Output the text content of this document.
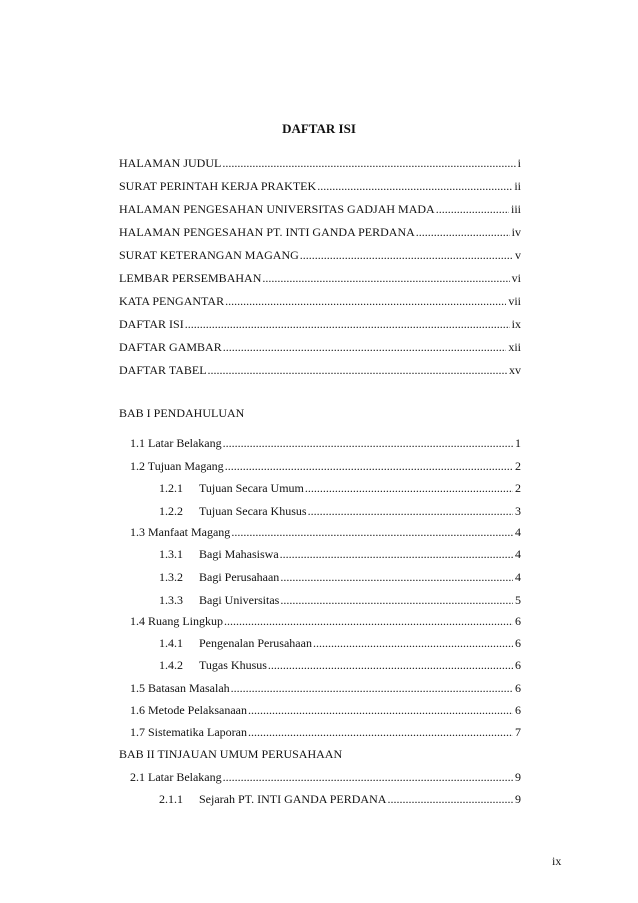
DAFTAR ISI
HALAMAN JUDUL .....	i
SURAT PERINTAH KERJA PRAKTEK .....	ii
HALAMAN PENGESAHAN UNIVERSITAS GADJAH MADA .....	iii
HALAMAN PENGESAHAN PT. INTI GANDA PERDANA .....	iv
SURAT KETERANGAN MAGANG .....	v
LEMBAR PERSEMBAHAN .....	vi
KATA PENGANTAR .....	vii
DAFTAR ISI .....	ix
DAFTAR GAMBAR .....	xii
DAFTAR TABEL .....	xv
BAB I PENDAHULUAN
1.1 Latar Belakang .....	1
1.2 Tujuan Magang .....	2
1.2.1 Tujuan Secara Umum .....	2
1.2.2 Tujuan Secara Khusus .....	3
1.3 Manfaat Magang .....	4
1.3.1 Bagi Mahasiswa .....	4
1.3.2 Bagi Perusahaan .....	4
1.3.3 Bagi Universitas .....	5
1.4 Ruang Lingkup .....	6
1.4.1 Pengenalan Perusahaan .....	6
1.4.2 Tugas Khusus .....	6
1.5 Batasan Masalah .....	6
1.6 Metode Pelaksanaan .....	6
1.7 Sistematika Laporan .....	7
BAB II TINJAUAN UMUM PERUSAHAAN
2.1 Latar Belakang .....	9
2.1.1 Sejarah PT. INTI GANDA PERDANA .....	9
ix
